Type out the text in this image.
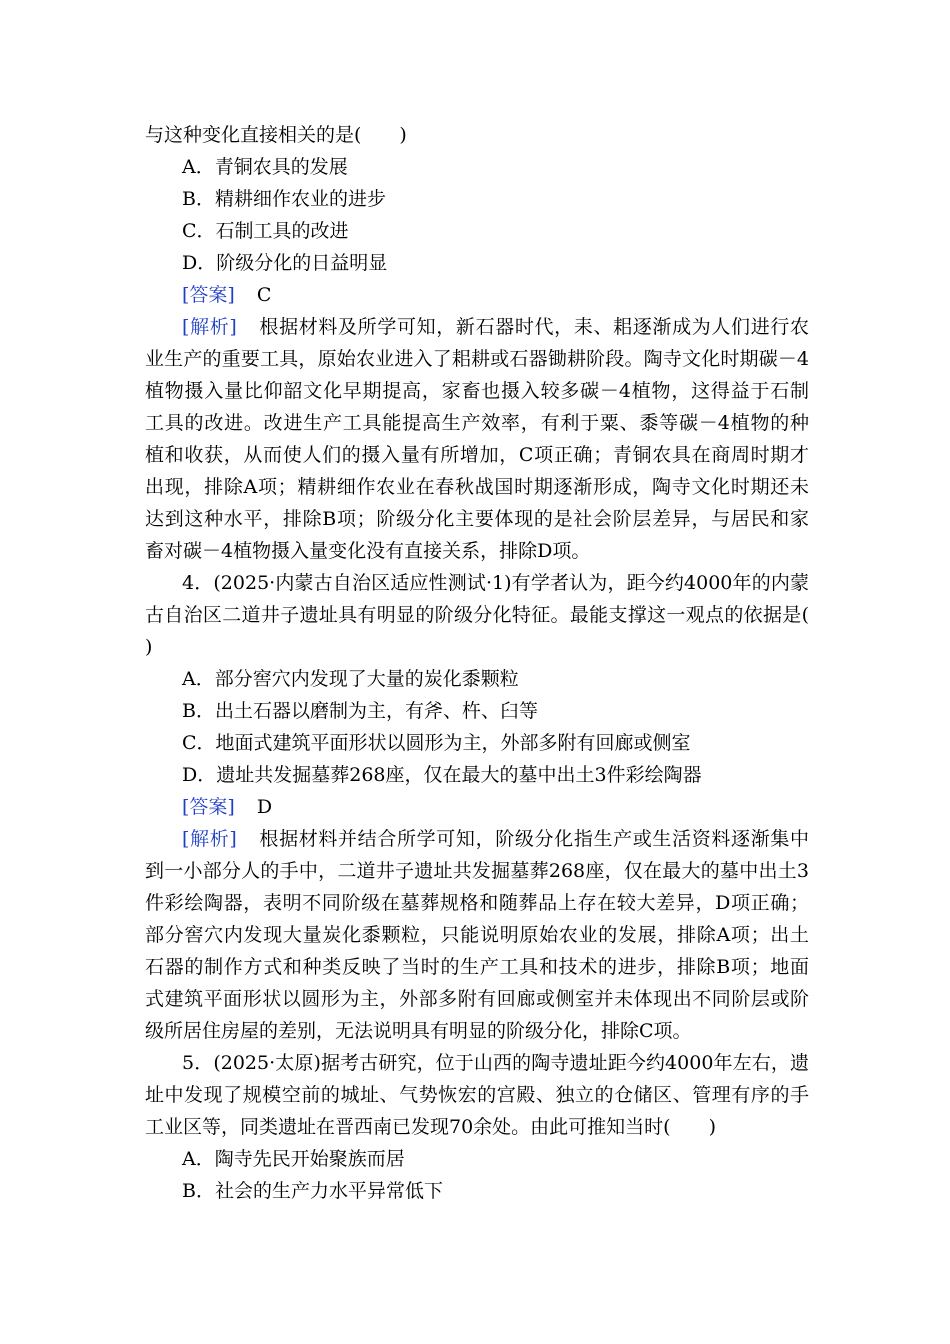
与这种变化直接相关的是(　　)
A．青铜农具的发展
B．精耕细作农业的进步
C．石制工具的改进
D．阶级分化的日益明显
[答案] C
[解析] 根据材料及所学可知，新石器时代，耒、耜逐渐成为人们进行农
业生产的重要工具，原始农业进入了耜耕或石器锄耕阶段。陶寺文化时期碳－4
植物摄入量比仰韶文化早期提高，家畜也摄入较多碳－4植物，这得益于石制
工具的改进。改进生产工具能提高生产效率，有利于粟、黍等碳－4植物的种
植和收获，从而使人们的摄入量有所增加，C项正确；青铜农具在商周时期才
出现，排除A项；精耕细作农业在春秋战国时期逐渐形成，陶寺文化时期还未
达到这种水平，排除B项；阶级分化主要体现的是社会阶层差异，与居民和家
畜对碳－4植物摄入量变化没有直接关系，排除D项。
4．(2025·内蒙古自治区适应性测试·1)有学者认为，距今约4000年的内蒙
古自治区二道井子遗址具有明显的阶级分化特征。最能支撑这一观点的依据是(
)
A．部分窖穴内发现了大量的炭化黍颗粒
B．出土石器以磨制为主，有斧、杵、臼等
C．地面式建筑平面形状以圆形为主，外部多附有回廊或侧室
D．遗址共发掘墓葬268座，仅在最大的墓中出土3件彩绘陶器
[答案] D
[解析] 根据材料并结合所学可知，阶级分化指生产或生活资料逐渐集中
到一小部分人的手中，二道井子遗址共发掘墓葬268座，仅在最大的墓中出土3
件彩绘陶器，表明不同阶级在墓葬规格和随葬品上存在较大差异，D项正确；
部分窖穴内发现大量炭化黍颗粒，只能说明原始农业的发展，排除A项；出土
石器的制作方式和种类反映了当时的生产工具和技术的进步，排除B项；地面
式建筑平面形状以圆形为主，外部多附有回廊或侧室并未体现出不同阶层或阶
级所居住房屋的差别，无法说明具有明显的阶级分化，排除C项。
5．(2025·太原)据考古研究，位于山西的陶寺遗址距今约4000年左右，遗
址中发现了规模空前的城址、气势恢宏的宫殿、独立的仓储区、管理有序的手
工业区等，同类遗址在晋西南已发现70余处。由此可推知当时(　　)
A．陶寺先民开始聚族而居
B．社会的生产力水平异常低下
